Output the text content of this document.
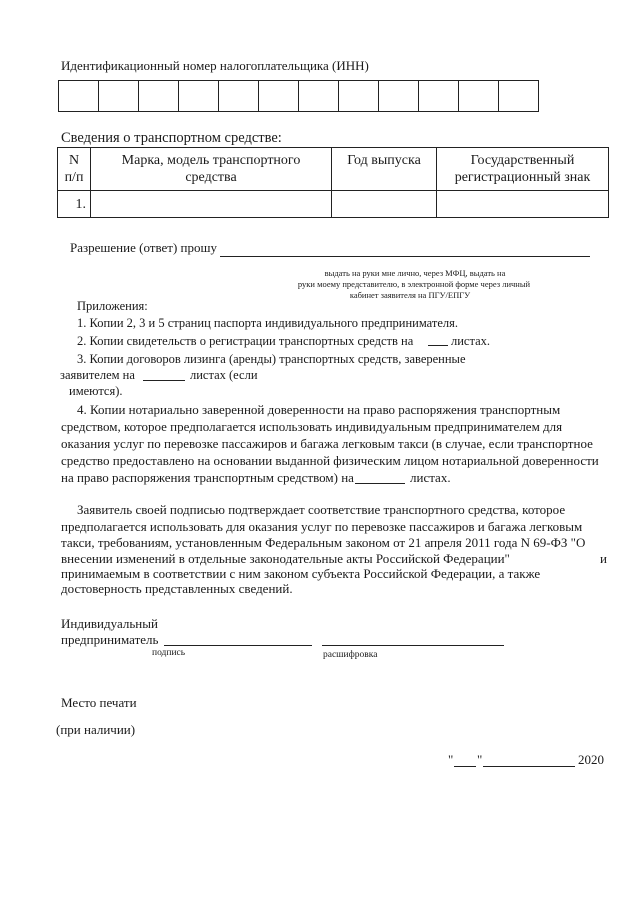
Идентификационный номер налогоплательщика (ИНН)
Сведения о транспортном средстве:
N п/п	Марка, модель транспортного средства	Год выпуска	Государственный регистрационный знак
1.			
Разрешение (ответ) прошу
выдать на руки мне лично, через МФЦ, выдать на
руки моему представителю, в электронной форме через личный
кабинет заявителя на ПГУ/ЕПГУ
Приложения:
1. Копии 2, 3 и 5 страниц паспорта индивидуального предпринимателя.
2. Копии свидетельств о регистрации транспортных средств на	листах.
3. Копии договоров лизинга (аренды) транспортных средств, заверенные
заявителем на	листах (если
имеются).
4. Копии нотариально заверенной доверенности на право распоряжения транспортным
средством, которое предполагается использовать индивидуальным предпринимателем для
оказания услуг по перевозке пассажиров и багажа легковым такси (в случае, если транспортное
средство предоставлено на основании выданной физическим лицом нотариальной доверенности
на право распоряжения транспортным средством) на	листах.
Заявитель своей подписью подтверждает соответствие транспортного средства, которое
предполагается использовать для оказания услуг по перевозке пассажиров и багажа легковым
такси, требованиям, установленным Федеральным законом от 21 апреля 2011 года N 69-ФЗ "О
внесении изменений в отдельные законодательные акты Российской Федерации"	и
принимаемым в соответствии с ним законом субъекта Российской Федерации, а также
достоверность представленных сведений.
Индивидуальный
предприниматель
подпись	расшифровка
Место печати
(при наличии)
" "	2020
